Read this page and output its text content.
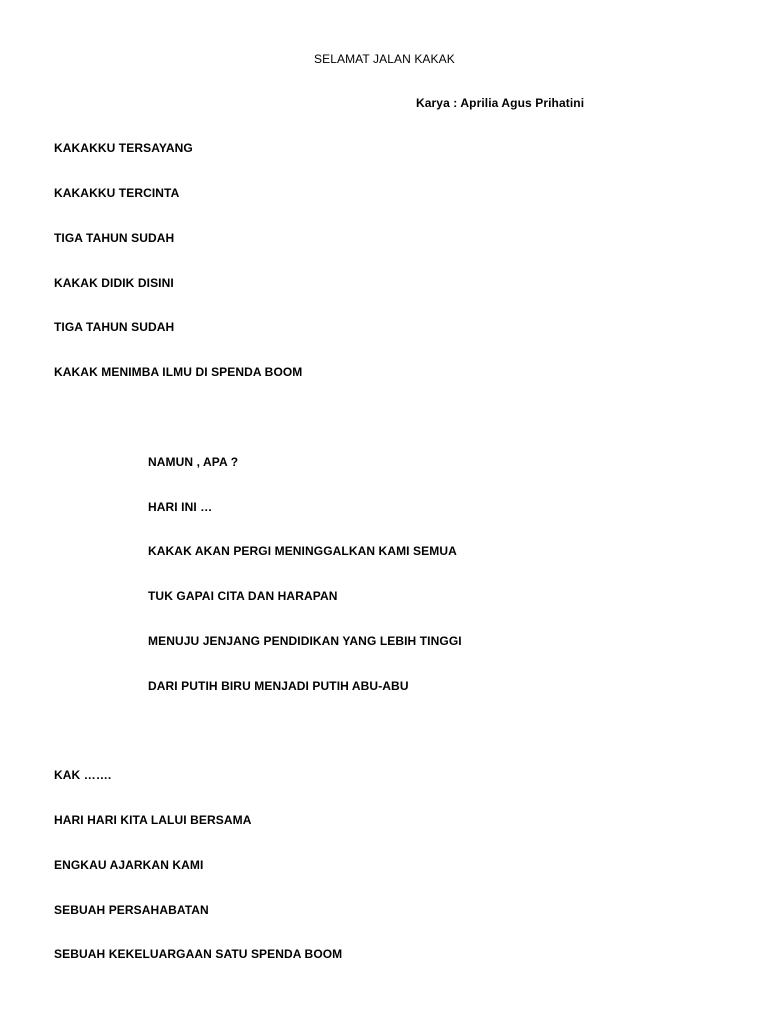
SELAMAT JALAN KAKAK
Karya : Aprilia Agus Prihatini
KAKAKKU TERSAYANG
KAKAKKU TERCINTA
TIGA TAHUN SUDAH
KAKAK DIDIK DISINI
TIGA TAHUN SUDAH
KAKAK MENIMBA ILMU DI SPENDA BOOM
NAMUN , APA ?
HARI INI …
KAKAK AKAN PERGI MENINGGALKAN KAMI SEMUA
TUK GAPAI CITA DAN HARAPAN
MENUJU JENJANG PENDIDIKAN YANG LEBIH TINGGI
DARI PUTIH BIRU MENJADI PUTIH ABU-ABU
KAK …….
HARI HARI KITA LALUI BERSAMA
ENGKAU AJARKAN KAMI
SEBUAH PERSAHABATAN
SEBUAH KEKELUARGAAN SATU SPENDA BOOM
